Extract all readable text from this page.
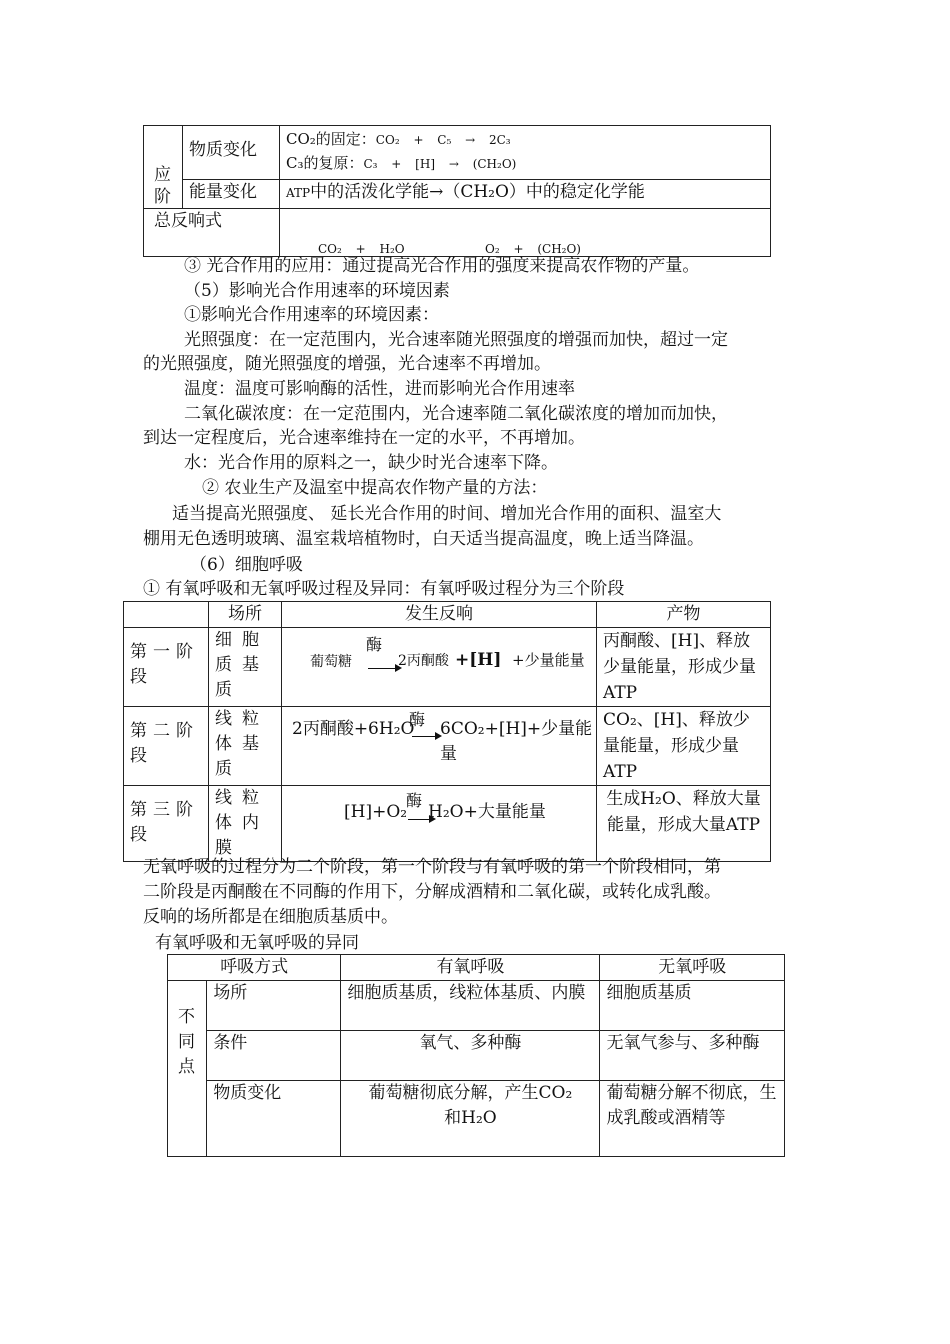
应阶	物质变化	CO₂的固定：CO₂ + C₅ → 2C₃
C₃的复原：C₃ + [H] → (CH₂O)

	能量变化	ATP中的活泼化学能→（CH₂O）中的稳定化学能
总反响式		CO₂ + H₂O O₂ + (CH₂O)
③ 光合作用的应用：通过提高光合作用的强度来提高农作物的产量。
（5）影响光合作用速率的环境因素
①影响光合作用速率的环境因素：
光照强度：在一定范围内，光合速率随光照强度的增强而加快，超过一定
的光照强度，随光照强度的增强，光合速率不再增加。
温度：温度可影响酶的活性，进而影响光合作用速率
二氧化碳浓度：在一定范围内，光合速率随二氧化碳浓度的增加而加快，
到达一定程度后，光合速率维持在一定的水平，不再增加。
水：光合作用的原料之一，缺少时光合速率下降。
② 农业生产及温室中提高农作物产量的方法：
适当提高光照强度、 延长光合作用的时间、增加光合作用的面积、温室大
棚用无色透明玻璃、温室栽培植物时，白天适当提高温度，晚上适当降温。
（6）细胞呼吸
① 有氧呼吸和无氧呼吸过程及异同：有氧呼吸过程分为三个阶段
	场所	发生反响	产物
第一阶段	细胞质基质	葡萄糖
酶
2丙酮酸 +[H] +少量能量	丙酮酸、[H]、释放少量能量，形成少量ATP
第二阶段	线粒体基质	2丙酮酸+6H₂O
酶 6CO₂+[H]+少量能量	CO₂、[H]、释放少量能量，形成少量ATP
第三阶段	线粒体内膜	[H]+O₂
酶
H₂O+大量能量	生成H₂O、释放大量能量，形成大量ATP
无氧呼吸的过程分为二个阶段，第一个阶段与有氧呼吸的第一个阶段相同，第
二阶段是丙酮酸在不同酶的作用下，分解成酒精和二氧化碳，或转化成乳酸。
反响的场所都是在细胞质基质中。
有氧呼吸和无氧呼吸的异同
呼吸方式		有氧呼吸	无氧呼吸

不同点	场所	细胞质基质，线粒体基质、内膜	细胞质基质
	条件	氧气、多种酶	无氧气参与、多种酶
	物质变化	葡萄糖彻底分解，产生CO₂和H₂O	葡萄糖分解不彻底，生成乳酸或酒精等
